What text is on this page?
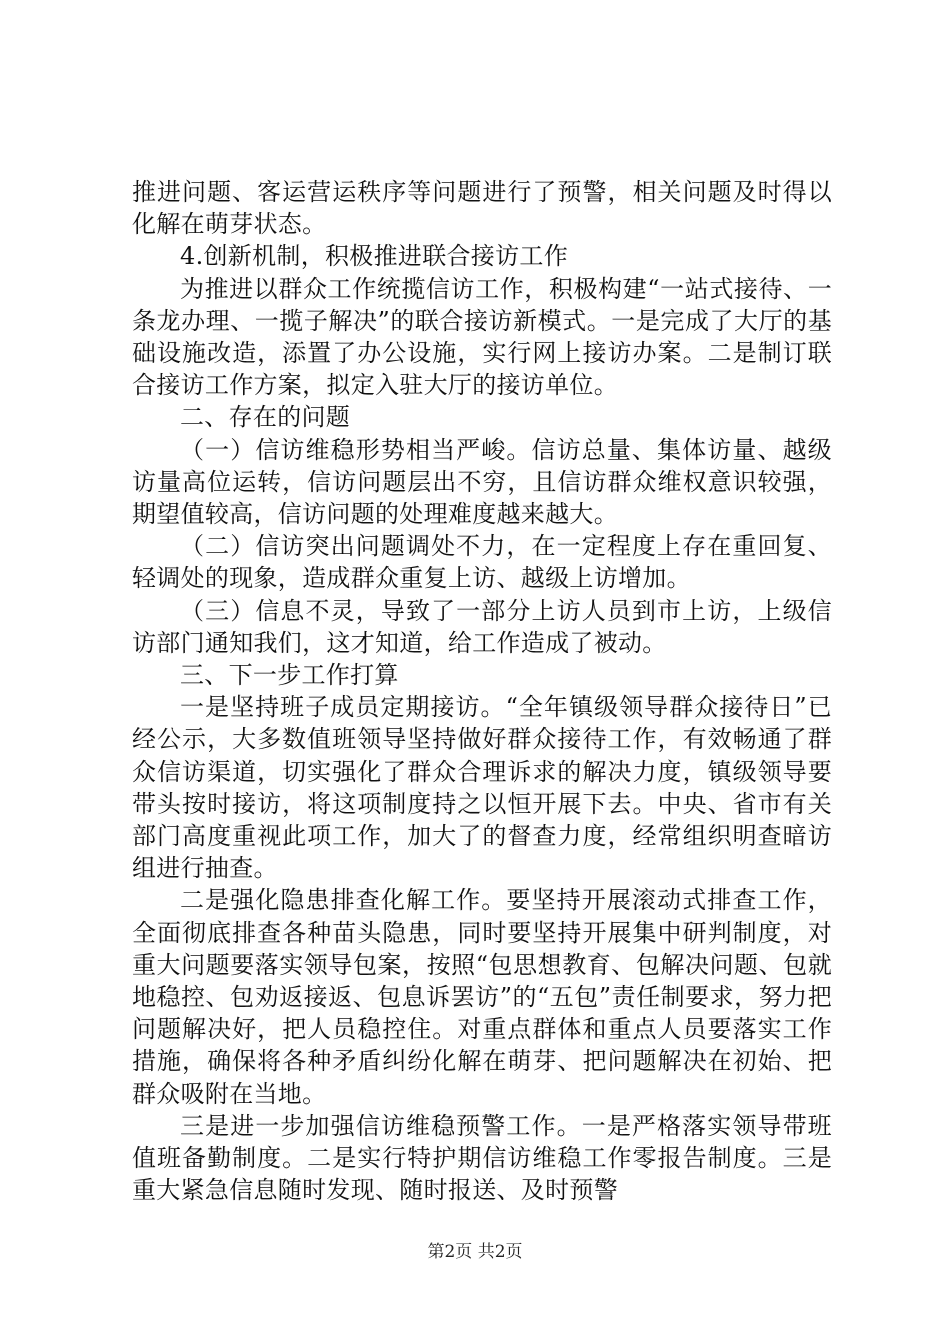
推进问题、客运营运秩序等问题进行了预警，相关问题及时得以化解在萌芽状态。

4.创新机制，积极推进联合接访工作

为推进以群众工作统揽信访工作，积极构建“一站式接待、一条龙办理、一揽子解决”的联合接访新模式。一是完成了大厅的基础设施改造，添置了办公设施，实行网上接访办案。二是制订联合接访工作方案，拟定入驻大厅的接访单位。

二、存在的问题

（一）信访维稳形势相当严峻。信访总量、集体访量、越级访量高位运转，信访问题层出不穷，且信访群众维权意识较强，期望值较高，信访问题的处理难度越来越大。

（二）信访突出问题调处不力，在一定程度上存在重回复、轻调处的现象，造成群众重复上访、越级上访增加。

（三）信息不灵，导致了一部分上访人员到市上访，上级信访部门通知我们，这才知道，给工作造成了被动。

三、下一步工作打算

一是坚持班子成员定期接访。“全年镇级领导群众接待日”已经公示，大多数值班领导坚持做好群众接待工作，有效畅通了群众信访渠道，切实强化了群众合理诉求的解决力度，镇级领导要带头按时接访，将这项制度持之以恒开展下去。中央、省市有关部门高度重视此项工作，加大了的督查力度，经常组织明查暗访组进行抽查。

二是强化隐患排查化解工作。要坚持开展滚动式排查工作，全面彻底排查各种苗头隐患，同时要坚持开展集中研判制度，对重大问题要落实领导包案，按照“包思想教育、包解决问题、包就地稳控、包劝返接返、包息诉罢访”的“五包”责任制要求，努力把问题解决好，把人员稳控住。对重点群体和重点人员要落实工作措施，确保将各种矛盾纠纷化解在萌芽、把问题解决在初始、把群众吸附在当地。

三是进一步加强信访维稳预警工作。一是严格落实领导带班值班备勤制度。二是实行特护期信访维稳工作零报告制度。三是重大紧急信息随时发现、随时报送、及时预警

第2页 共2页
